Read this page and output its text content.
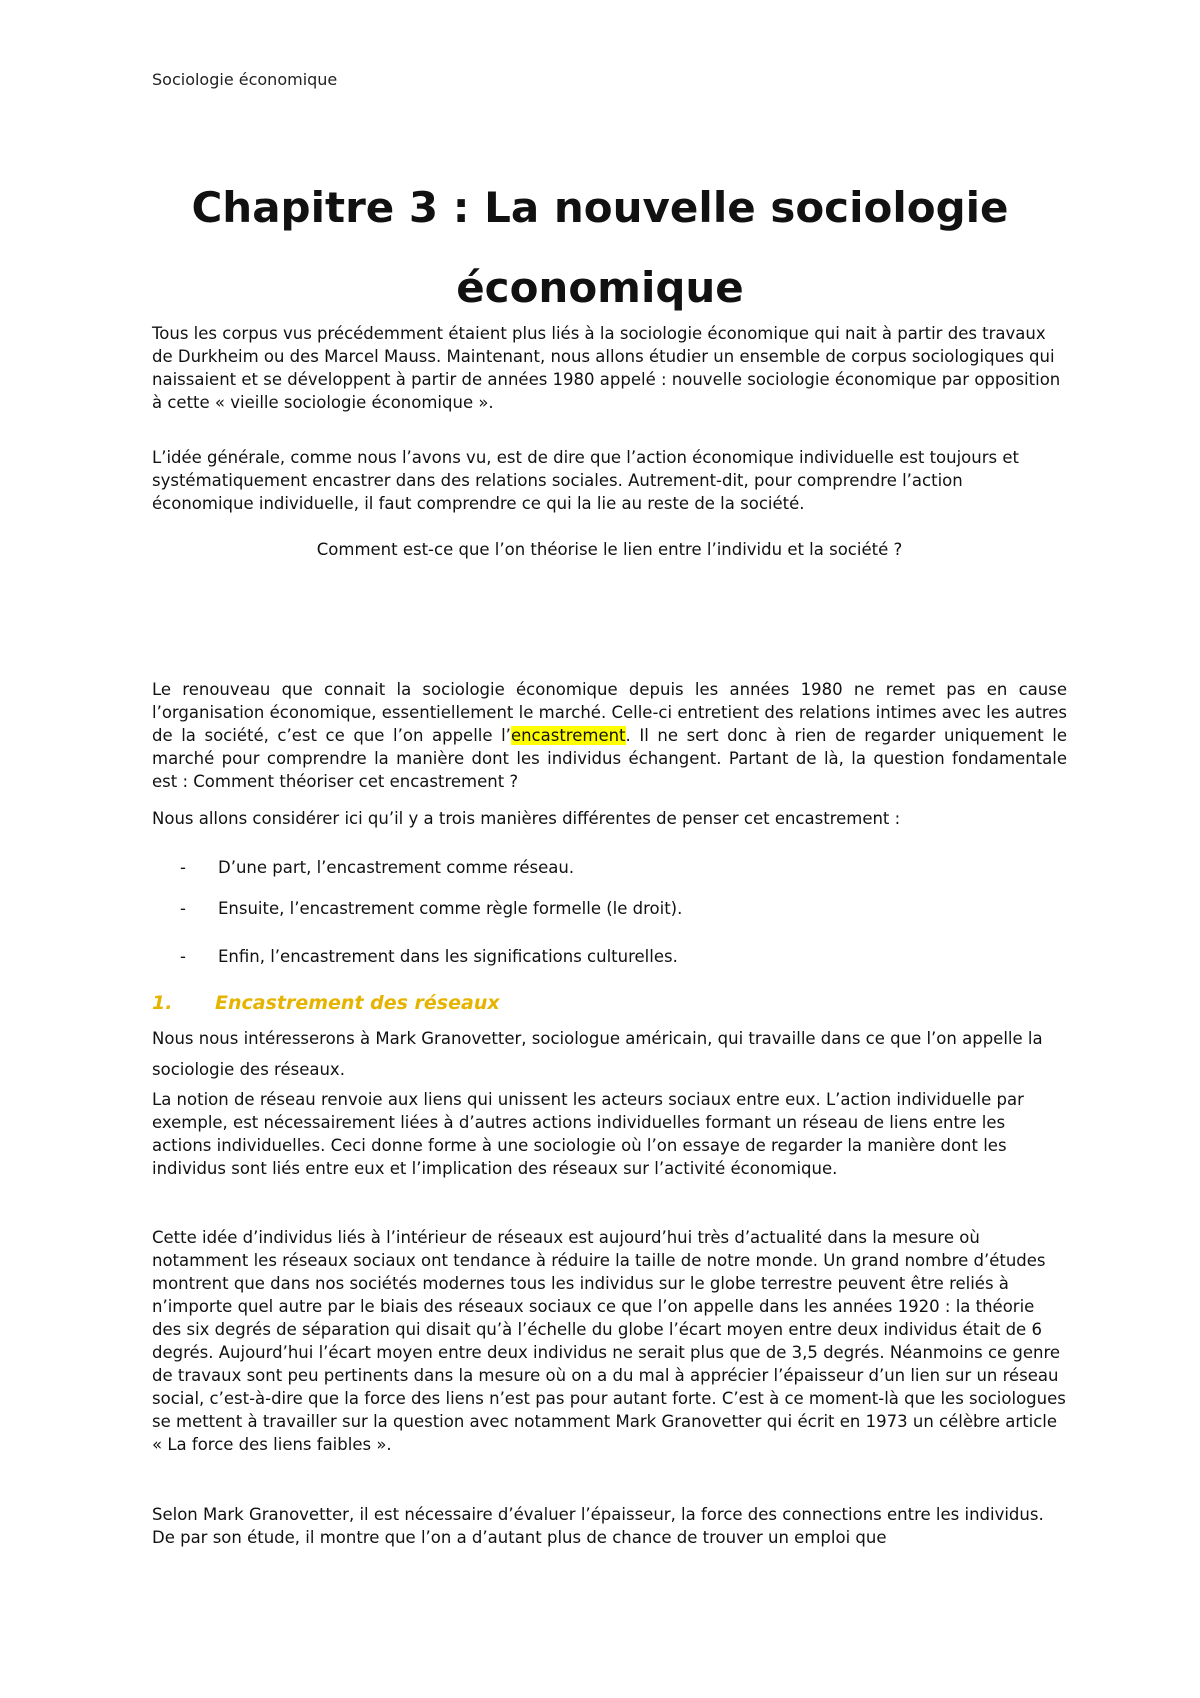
Sociologie économique
Chapitre 3 : La nouvelle sociologie économique

Tous les corpus vus précédemment étaient plus liés à la sociologie économique qui nait à partir des travaux de Durkheim ou des Marcel Mauss. Maintenant, nous allons étudier un ensemble de corpus sociologiques qui naissaient et se développent à partir de années 1980 appelé : nouvelle sociologie économique par opposition à cette « vieille sociologie économique ».

L’idée générale, comme nous l’avons vu, est de dire que l’action économique individuelle est toujours et systématiquement encastrer dans des relations sociales. Autrement-dit, pour comprendre l’action économique individuelle, il faut comprendre ce qui la lie au reste de la société.

Comment est-ce que l’on théorise le lien entre l’individu et la société ?

Le renouveau que connait la sociologie économique depuis les années 1980 ne remet pas en cause l’organisation économique, essentiellement le marché. Celle-ci entretient des relations intimes avec les autres de la société, c’est ce que l’on appelle l’encastrement. Il ne sert donc à rien de regarder uniquement le marché pour comprendre la manière dont les individus échangent. Partant de là, la question fondamentale est : Comment théoriser cet encastrement ?

Nous allons considérer ici qu’il y a trois manières différentes de penser cet encastrement :

- D’une part, l’encastrement comme réseau.
- Ensuite, l’encastrement comme règle formelle (le droit).
- Enfin, l’encastrement dans les significations culturelles.
1. Encastrement des réseaux

Nous nous intéresserons à Mark Granovetter, sociologue américain, qui travaille dans ce que l’on appelle la sociologie des réseaux.

La notion de réseau renvoie aux liens qui unissent les acteurs sociaux entre eux. L’action individuelle par exemple, est nécessairement liées à d’autres actions individuelles formant un réseau de liens entre les actions individuelles. Ceci donne forme à une sociologie où l’on essaye de regarder la manière dont les individus sont liés entre eux et l’implication des réseaux sur l’activité économique.

Cette idée d’individus liés à l’intérieur de réseaux est aujourd’hui très d’actualité dans la mesure où notamment les réseaux sociaux ont tendance à réduire la taille de notre monde. Un grand nombre d’études montrent que dans nos sociétés modernes tous les individus sur le globe terrestre peuvent être reliés à n’importe quel autre par le biais des réseaux sociaux ce que l’on appelle dans les années 1920 : la théorie des six degrés de séparation qui disait qu’à l’échelle du globe l’écart moyen entre deux individus était de 6 degrés. Aujourd’hui l’écart moyen entre deux individus ne serait plus que de 3,5 degrés. Néanmoins ce genre de travaux sont peu pertinents dans la mesure où on a du mal à apprécier l’épaisseur d’un lien sur un réseau social, c’est-à-dire que la force des liens n’est pas pour autant forte. C’est à ce moment-là que les sociologues se mettent à travailler sur la question avec notamment Mark Granovetter qui écrit en 1973 un célèbre article « La force des liens faibles ».

Selon Mark Granovetter, il est nécessaire d’évaluer l’épaisseur, la force des connections entre les individus. De par son étude, il montre que l’on a d’autant plus de chance de trouver un emploi que
